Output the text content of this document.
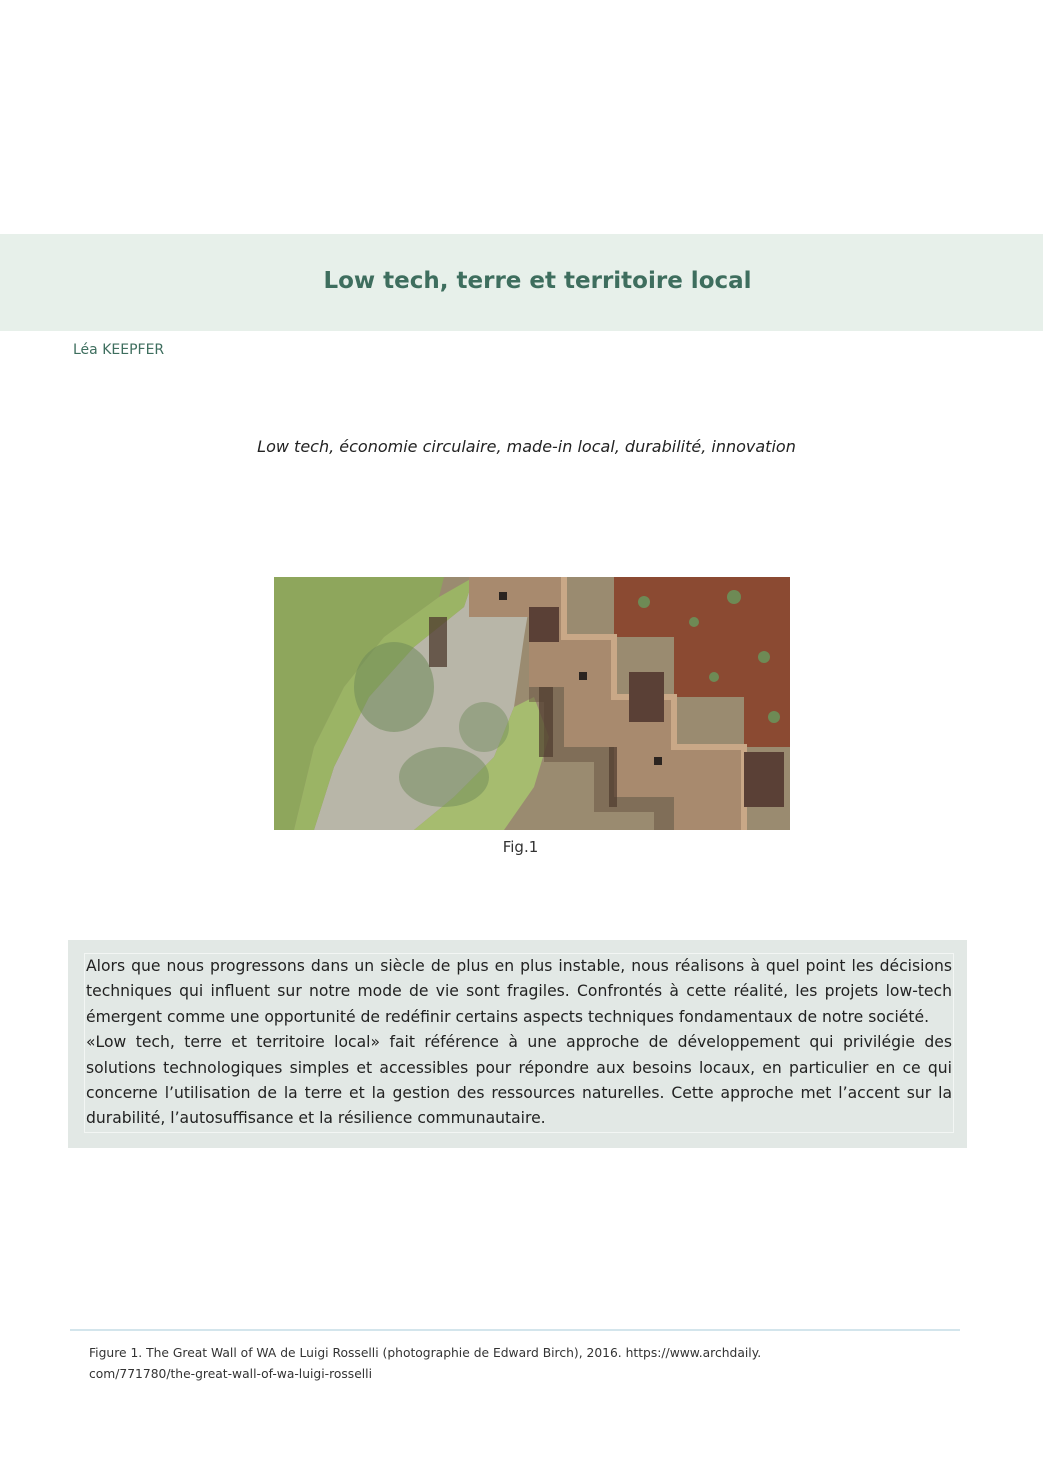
Low tech, terre et territoire local
Léa KEEPFER
Low tech, économie circulaire, made-in local, durabilité, innovation
Fig.1

Alors que nous progressons dans un siècle de plus en plus instable, nous réalisons à quel point les décisions techniques qui influent sur notre mode de vie sont fragiles. Confrontés à cette réalité, les projets low-tech émergent comme une opportunité de redéfinir certains aspects techniques fondamentaux de notre société.

«Low tech, terre et territoire local» fait référence à une approche de développement qui privilégie des solutions technologiques simples et accessibles pour répondre aux besoins locaux, en particulier en ce qui concerne l’utilisation de la terre et la gestion des ressources naturelles. Cette approche met l’accent sur la durabilité, l’autosuffisance et la résilience communautaire.

Figure 1. The Great Wall of WA de Luigi Rosselli (photographie de Edward Birch), 2016. https://www.archdaily.
com/771780/the-great-wall-of-wa-luigi-rosselli
